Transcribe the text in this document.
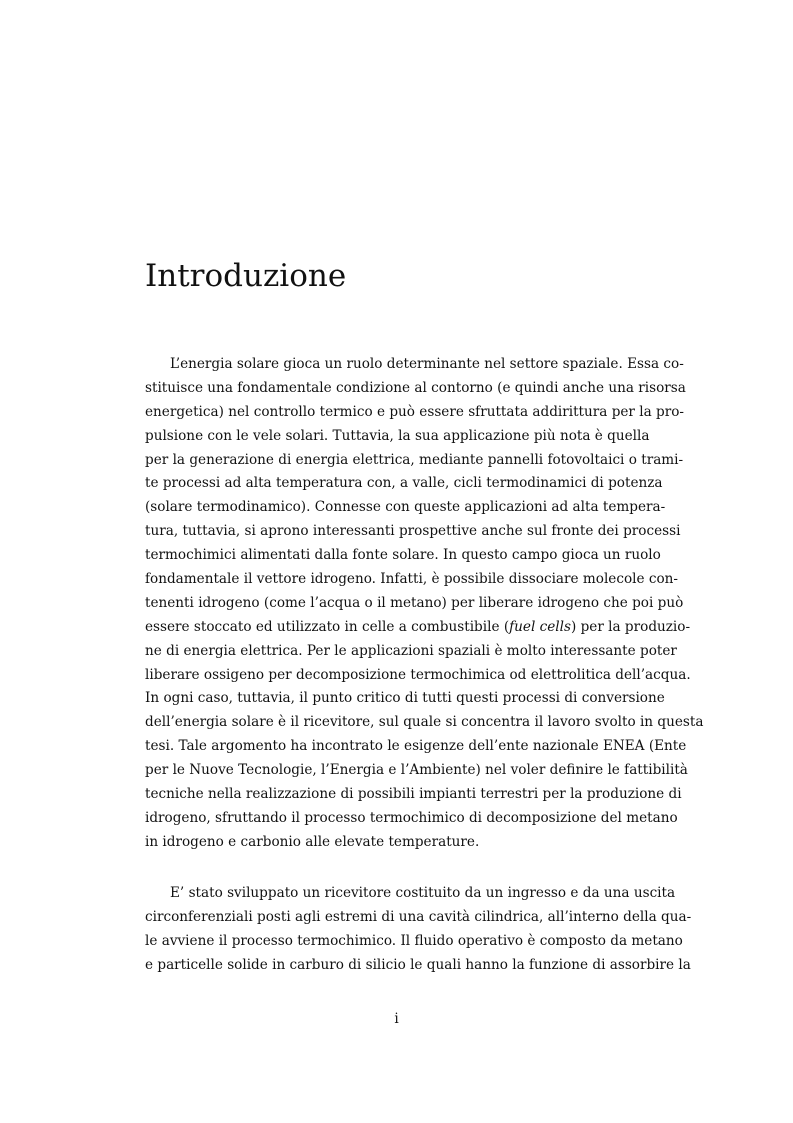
Introduzione
L’energia solare gioca un ruolo determinante nel settore spaziale. Essa co-
stituisce una fondamentale condizione al contorno (e quindi anche una risorsa
energetica) nel controllo termico e può essere sfruttata addirittura per la pro-
pulsione con le vele solari. Tuttavia, la sua applicazione più nota è quella
per la generazione di energia elettrica, mediante pannelli fotovoltaici o trami-
te processi ad alta temperatura con, a valle, cicli termodinamici di potenza
(solare termodinamico). Connesse con queste applicazioni ad alta tempera-
tura, tuttavia, si aprono interessanti prospettive anche sul fronte dei processi
termochimici alimentati dalla fonte solare. In questo campo gioca un ruolo
fondamentale il vettore idrogeno. Infatti, è possibile dissociare molecole con-
tenenti idrogeno (come l’acqua o il metano) per liberare idrogeno che poi può
essere stoccato ed utilizzato in celle a combustibile (fuel cells) per la produzio-
ne di energia elettrica. Per le applicazioni spaziali è molto interessante poter
liberare ossigeno per decomposizione termochimica od elettrolitica dell’acqua.
In ogni caso, tuttavia, il punto critico di tutti questi processi di conversione
dell’energia solare è il ricevitore, sul quale si concentra il lavoro svolto in questa
tesi. Tale argomento ha incontrato le esigenze dell’ente nazionale ENEA (Ente
per le Nuove Tecnologie, l’Energia e l’Ambiente) nel voler definire le fattibilità
tecniche nella realizzazione di possibili impianti terrestri per la produzione di
idrogeno, sfruttando il processo termochimico di decomposizione del metano
in idrogeno e carbonio alle elevate temperature.
E’ stato sviluppato un ricevitore costituito da un ingresso e da una uscita
circonferenziali posti agli estremi di una cavità cilindrica, all’interno della qua-
le avviene il processo termochimico. Il fluido operativo è composto da metano
e particelle solide in carburo di silicio le quali hanno la funzione di assorbire la
i
